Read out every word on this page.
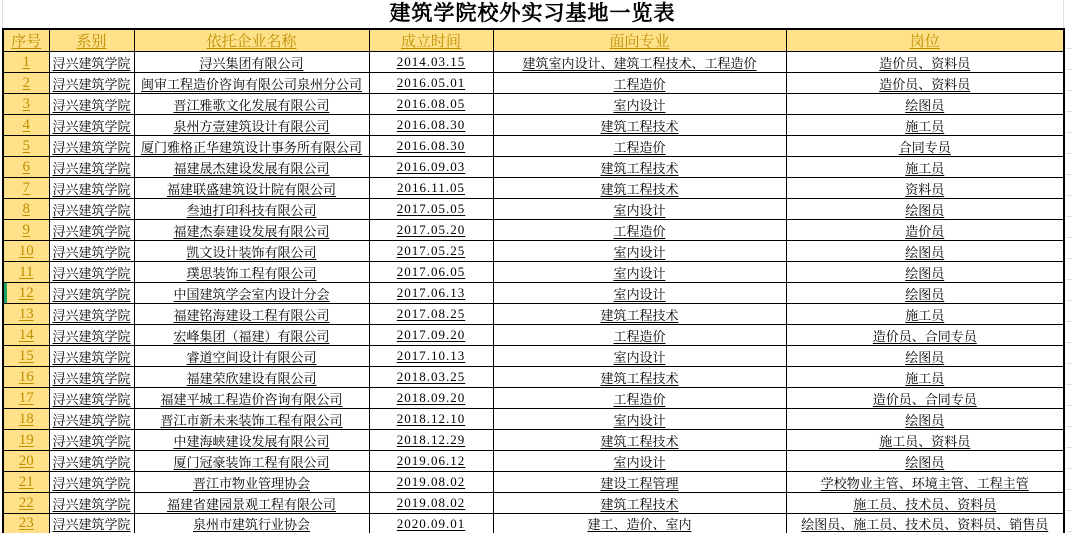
建筑学院校外实习基地一览表
序号	系别	依托企业名称	成立时间	面向专业	岗位
1	浔兴建筑学院	浔兴集团有限公司	2014.03.15	建筑室内设计、建筑工程技术、工程造价	造价员、资料员
2	浔兴建筑学院	闽审工程造价咨询有限公司泉州分公司	2016.05.01	工程造价	造价员、资料员
3	浔兴建筑学院	晋江雅歌文化发展有限公司	2016.08.05	室内设计	绘图员
4	浔兴建筑学院	泉州方壹建筑设计有限公司	2016.08.30	建筑工程技术	施工员
5	浔兴建筑学院	厦门雅格正华建筑设计事务所有限公司	2016.08.30	工程造价	合同专员
6	浔兴建筑学院	福建晟杰建设发展有限公司	2016.09.03	建筑工程技术	施工员
7	浔兴建筑学院	福建联盛建筑设计院有限公司	2016.11.05	建筑工程技术	资料员
8	浔兴建筑学院	叁迪打印科技有限公司	2017.05.05	室内设计	绘图员
9	浔兴建筑学院	福建杰泰建设发展有限公司	2017.05.20	工程造价	造价员
10	浔兴建筑学院	凯文设计装饰有限公司	2017.05.25	室内设计	绘图员
11	浔兴建筑学院	璞思装饰工程有限公司	2017.06.05	室内设计	绘图员

12	浔兴建筑学院	中国建筑学会室内设计分会	2017.06.13	室内设计	绘图员
13	浔兴建筑学院	福建铭海建设工程有限公司	2017.08.25	建筑工程技术	施工员
14	浔兴建筑学院	宏峰集团（福建）有限公司	2017.09.20	工程造价	造价员、合同专员
15	浔兴建筑学院	睿道空间设计有限公司	2017.10.13	室内设计	绘图员
16	浔兴建筑学院	福建荣欣建设有限公司	2018.03.25	建筑工程技术	施工员
17	浔兴建筑学院	福建平城工程造价咨询有限公司	2018.09.20	工程造价	造价员、合同专员
18	浔兴建筑学院	晋江市新未来装饰工程有限公司	2018.12.10	室内设计	绘图员
19	浔兴建筑学院	中建海峡建设发展有限公司	2018.12.29	建筑工程技术	施工员、资料员
20	浔兴建筑学院	厦门冠豪装饰工程有限公司	2019.06.12	室内设计	绘图员
21	浔兴建筑学院	晋江市物业管理协会	2019.08.02	建设工程管理	学校物业主管、环境主管、工程主管
22	浔兴建筑学院	福建省建园景观工程有限公司	2019.08.02	建筑工程技术	施工员、技术员、资料员
23	浔兴建筑学院	泉州市建筑行业协会	2020.09.01	建工、造价、室内	绘图员、施工员、技术员、资料员、销售员
